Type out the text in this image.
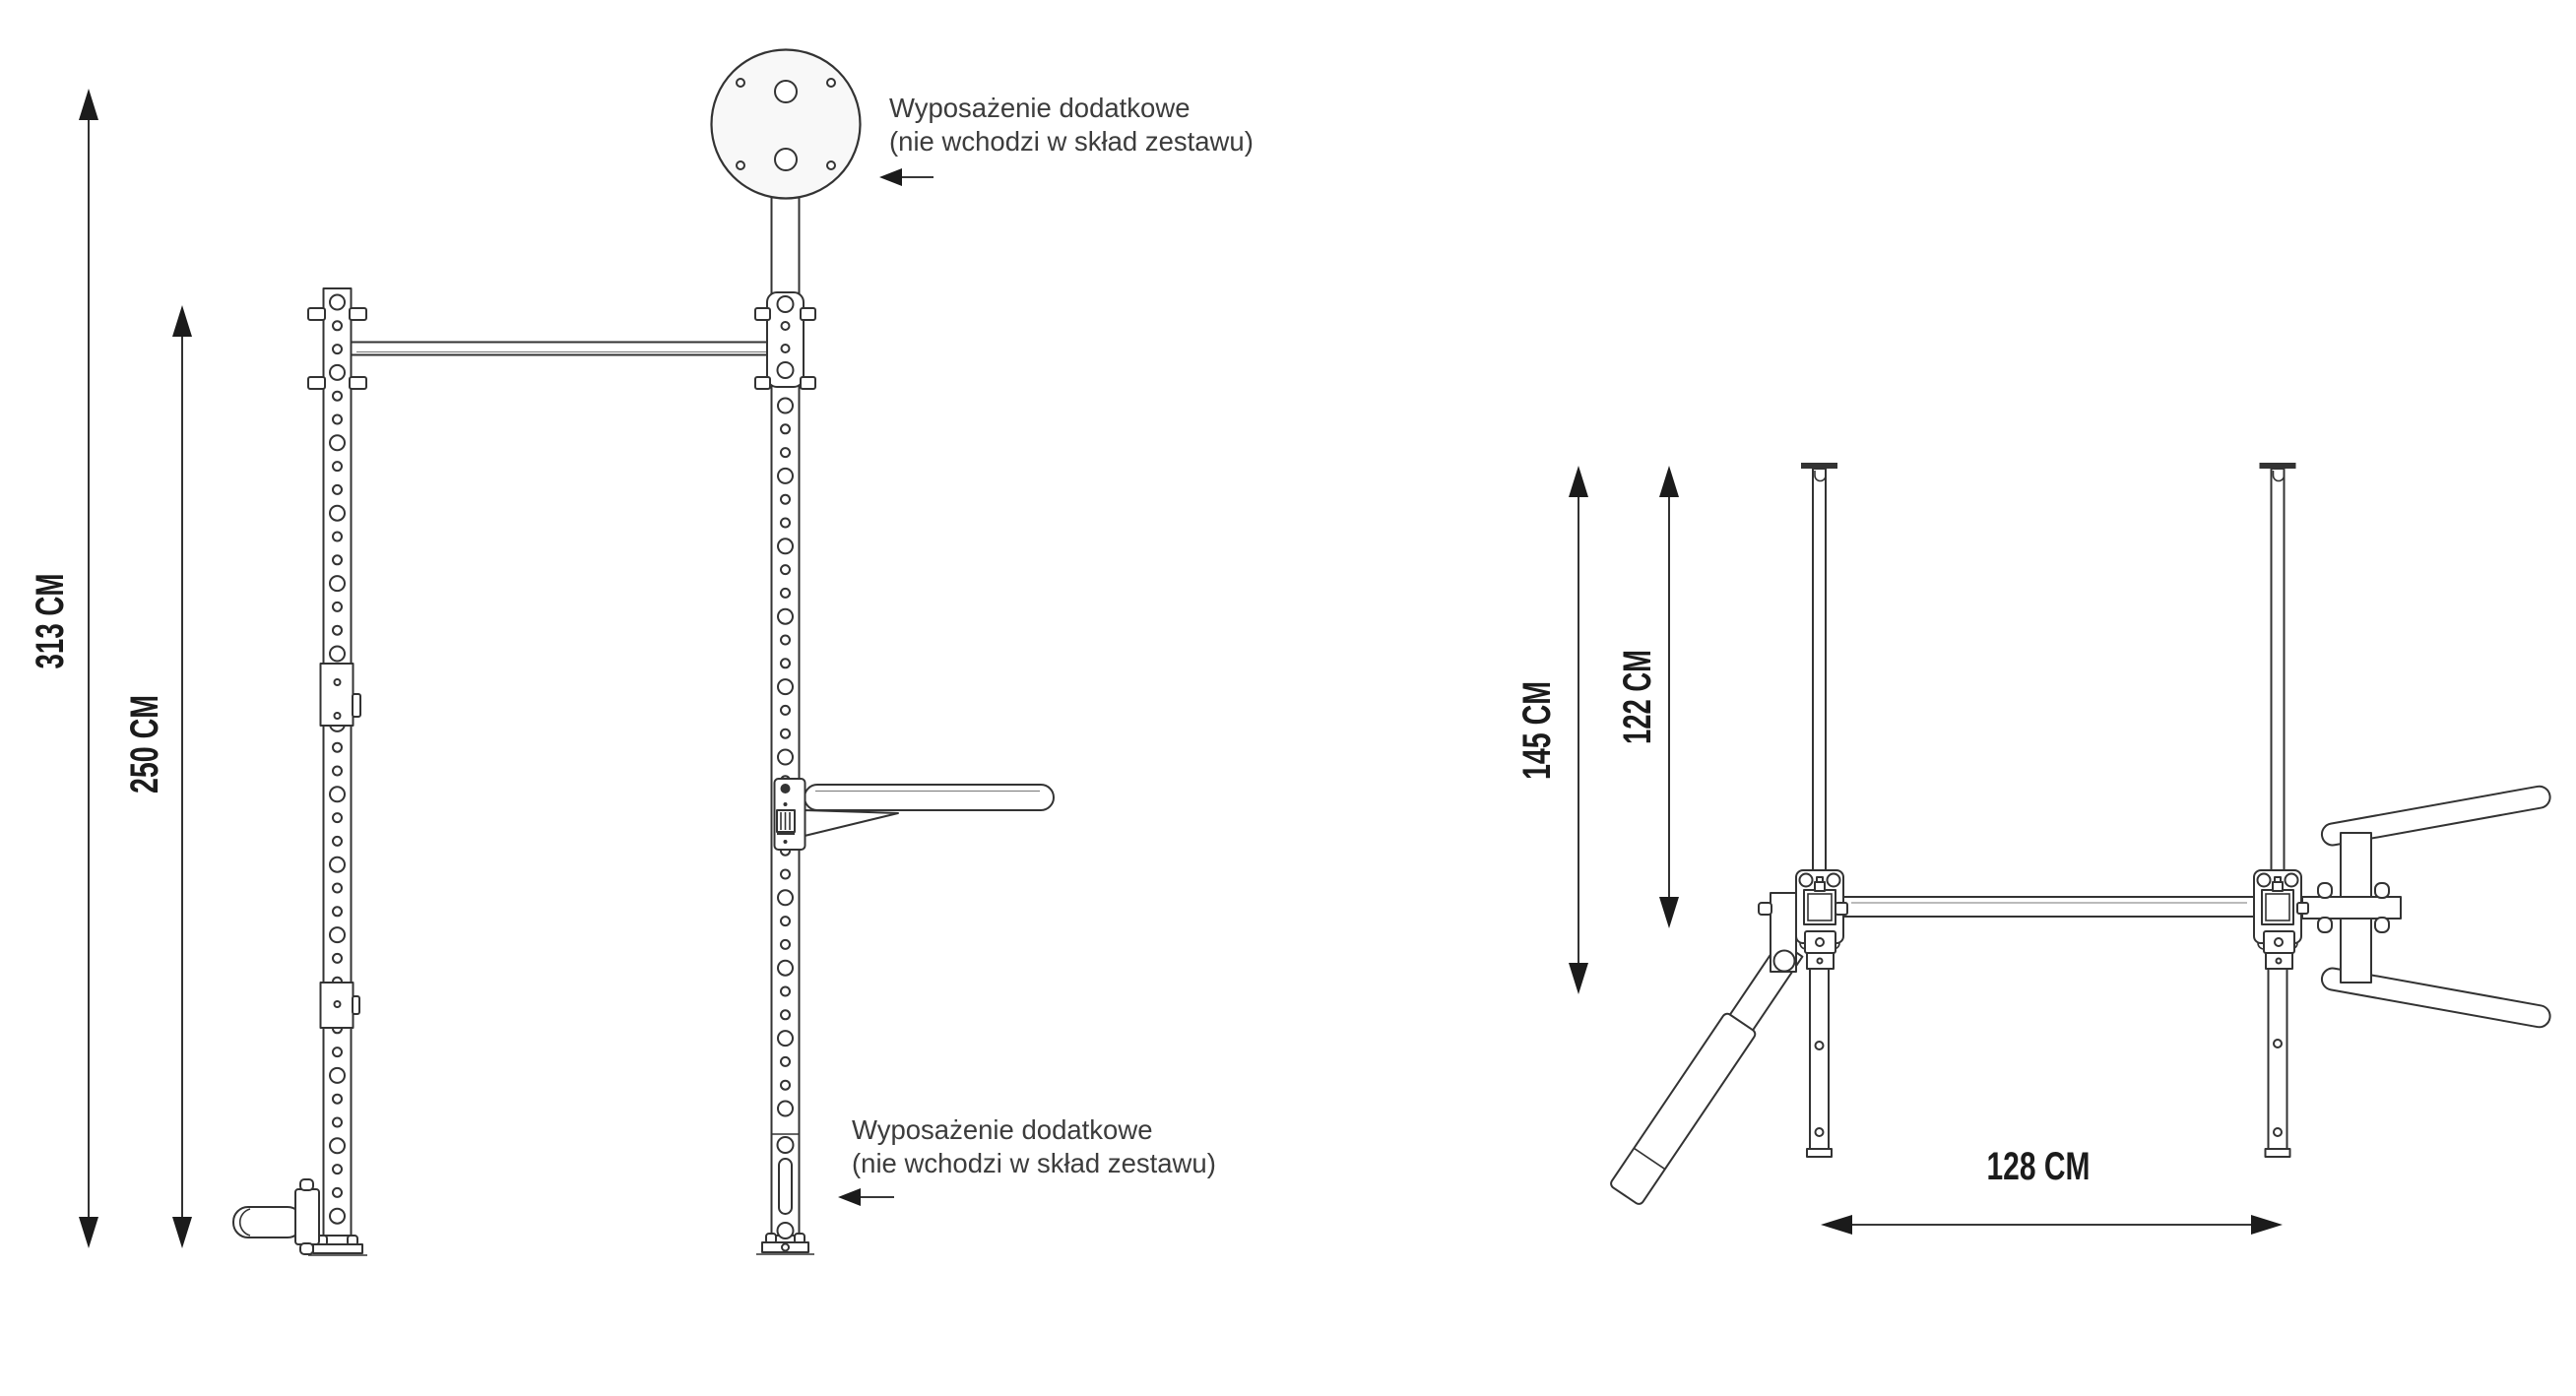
Wyposażenie dodatkowe
(nie wchodzi w skład zestawu)
Wyposażenie dodatkowe
(nie wchodzi w skład zestawu)
313 CM
250 CM	145 CM 122 CM
128 CM
